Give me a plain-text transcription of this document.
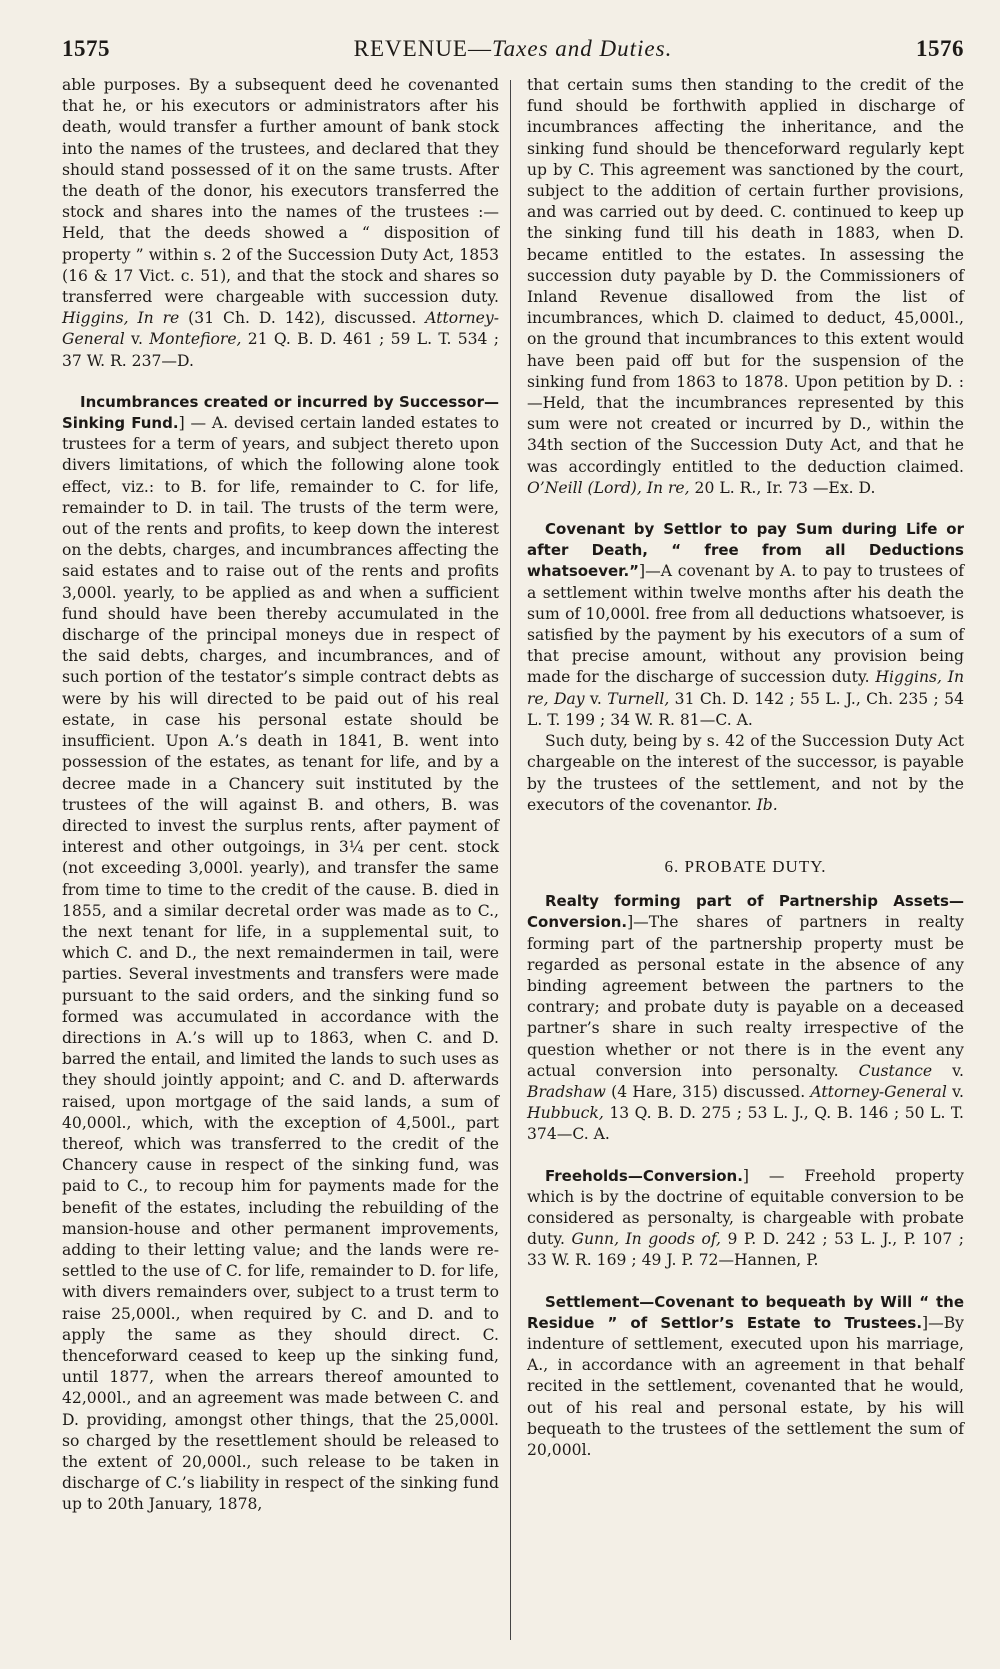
1575	REVENUE—Taxes and Duties.	1576

able purposes. By a subsequent deed he covenanted that he, or his executors or administrators after his death, would transfer a further amount of bank stock into the names of the trustees, and declared that they should stand possessed of it on the same trusts. After the death of the donor, his executors transferred the stock and shares into the names of the trustees :—Held, that the deeds showed a “ disposition of property ” within s. 2 of the Succession Duty Act, 1853 (16 & 17 Vict. c. 51), and that the stock and shares so transferred were chargeable with succession duty. Higgins, In re (31 Ch. D. 142), discussed. Attorney-General v. Montefiore, 21 Q. B. D. 461 ; 59 L. T. 534 ; 37 W. R. 237—D.

Incumbrances created or incurred by Successor—Sinking Fund.] — A. devised certain landed estates to trustees for a term of years, and subject thereto upon divers limitations, of which the following alone took effect, viz.: to B. for life, remainder to C. for life, remainder to D. in tail. The trusts of the term were, out of the rents and profits, to keep down the interest on the debts, charges, and incumbrances affecting the said estates and to raise out of the rents and profits 3,000l. yearly, to be applied as and when a sufficient fund should have been thereby accumulated in the discharge of the principal moneys due in respect of the said debts, charges, and incumbrances, and of such portion of the testator’s simple contract debts as were by his will directed to be paid out of his real estate, in case his personal estate should be insufficient. Upon A.’s death in 1841, B. went into possession of the estates, as tenant for life, and by a decree made in a Chancery suit instituted by the trustees of the will against B. and others, B. was directed to invest the surplus rents, after payment of interest and other outgoings, in 3¼ per cent. stock (not exceeding 3,000l. yearly), and transfer the same from time to time to the credit of the cause. B. died in 1855, and a similar decretal order was made as to C., the next tenant for life, in a supplemental suit, to which C. and D., the next remaindermen in tail, were parties. Several investments and transfers were made pursuant to the said orders, and the sinking fund so formed was accumulated in accordance with the directions in A.’s will up to 1863, when C. and D. barred the entail, and limited the lands to such uses as they should jointly appoint; and C. and D. afterwards raised, upon mortgage of the said lands, a sum of 40,000l., which, with the exception of 4,500l., part thereof, which was transferred to the credit of the Chancery cause in respect of the sinking fund, was paid to C., to recoup him for payments made for the benefit of the estates, including the rebuilding of the mansion-house and other permanent improvements, adding to their letting value; and the lands were re-settled to the use of C. for life, remainder to D. for life, with divers remainders over, subject to a trust term to raise 25,000l., when required by C. and D. and to apply the same as they should direct. C. thenceforward ceased to keep up the sinking fund, until 1877, when the arrears thereof amounted to 42,000l., and an agreement was made between C. and D. providing, amongst other things, that the 25,000l. so charged by the resettlement should be released to the extent of 20,000l., such release to be taken in discharge of C.’s liability in respect of the sinking fund up to 20th January, 1878,

that certain sums then standing to the credit of the fund should be forthwith applied in discharge of incumbrances affecting the inheritance, and the sinking fund should be thenceforward regularly kept up by C. This agreement was sanctioned by the court, subject to the addition of certain further provisions, and was carried out by deed. C. continued to keep up the sinking fund till his death in 1883, when D. became entitled to the estates. In assessing the succession duty payable by D. the Commissioners of Inland Revenue disallowed from the list of incumbrances, which D. claimed to deduct, 45,000l., on the ground that incumbrances to this extent would have been paid off but for the suspension of the sinking fund from 1863 to 1878. Upon petition by D. :—Held, that the incumbrances represented by this sum were not created or incurred by D., within the 34th section of the Succession Duty Act, and that he was accordingly entitled to the deduction claimed. O’Neill (Lord), In re, 20 L. R., Ir. 73 —Ex. D.

Covenant by Settlor to pay Sum during Life or after Death, “ free from all Deductions whatsoever.”]—A covenant by A. to pay to trustees of a settlement within twelve months after his death the sum of 10,000l. free from all deductions whatsoever, is satisfied by the payment by his executors of a sum of that precise amount, without any provision being made for the discharge of succession duty. Higgins, In re, Day v. Turnell, 31 Ch. D. 142 ; 55 L. J., Ch. 235 ; 54 L. T. 199 ; 34 W. R. 81—C. A.

Such duty, being by s. 42 of the Succession Duty Act chargeable on the interest of the successor, is payable by the trustees of the settlement, and not by the executors of the covenantor. Ib.

6. PROBATE DUTY.

Realty forming part of Partnership Assets—Conversion.]—The shares of partners in realty forming part of the partnership property must be regarded as personal estate in the absence of any binding agreement between the partners to the contrary; and probate duty is payable on a deceased partner’s share in such realty irrespective of the question whether or not there is in the event any actual conversion into personalty. Custance v. Bradshaw (4 Hare, 315) discussed. Attorney-General v. Hubbuck, 13 Q. B. D. 275 ; 53 L. J., Q. B. 146 ; 50 L. T. 374—C. A.

Freeholds—Conversion.] — Freehold property which is by the doctrine of equitable conversion to be considered as personalty, is chargeable with probate duty. Gunn, In goods of, 9 P. D. 242 ; 53 L. J., P. 107 ; 33 W. R. 169 ; 49 J. P. 72—Hannen, P.

Settlement—Covenant to bequeath by Will “ the Residue ” of Settlor’s Estate to Trustees.]—By indenture of settlement, executed upon his marriage, A., in accordance with an agreement in that behalf recited in the settlement, covenanted that he would, out of his real and personal estate, by his will bequeath to the trustees of the settlement the sum of 20,000l.
